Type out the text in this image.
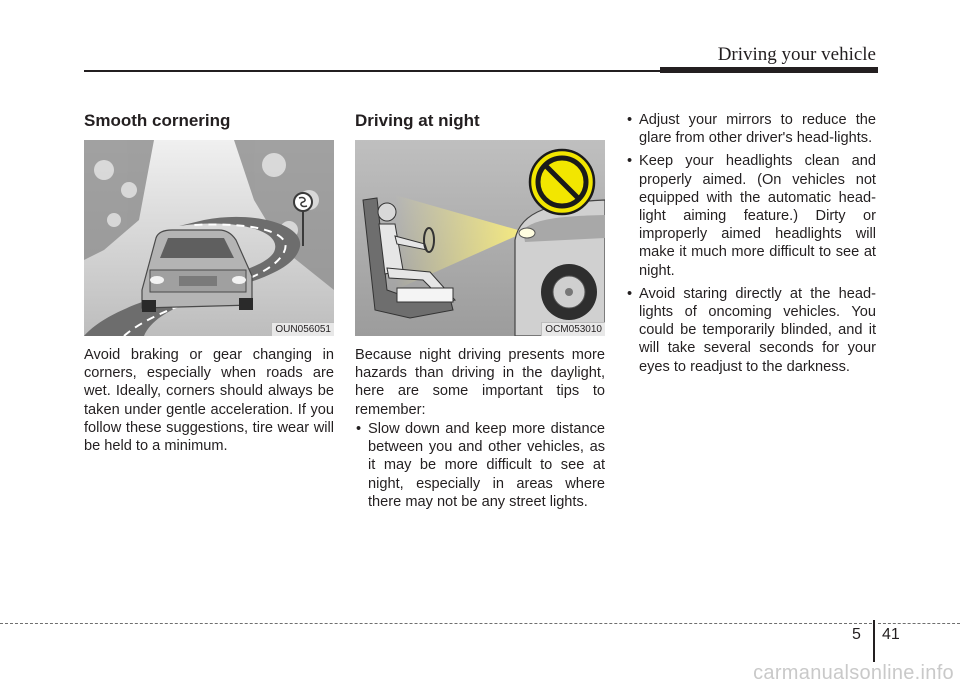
Driving your vehicle
Smooth cornering
OUN056051

Avoid braking or gear changing in corners, especially when roads are wet. Ideally, corners should always be taken under gentle acceleration. If you follow these suggestions, tire wear will be held to a minimum.

Driving at night
OCM053010

Because night driving presents more hazards than driving in the daylight, here are some important tips to remember:

• Slow down and keep more distance between you and other vehicles, as it may be more difficult to see at night, especially in areas where there may not be any street lights.
• Adjust your mirrors to reduce the glare from other driver's head-lights.
• Keep your headlights clean and properly aimed. (On vehicles not equipped with the automatic head-light aiming feature.) Dirty or improperly aimed headlights will make it much more difficult to see at night.
• Avoid staring directly at the head-lights of oncoming vehicles. You could be temporarily blinded, and it will take several seconds for your eyes to readjust to the darkness.
5 41
carmanualsonline.info
